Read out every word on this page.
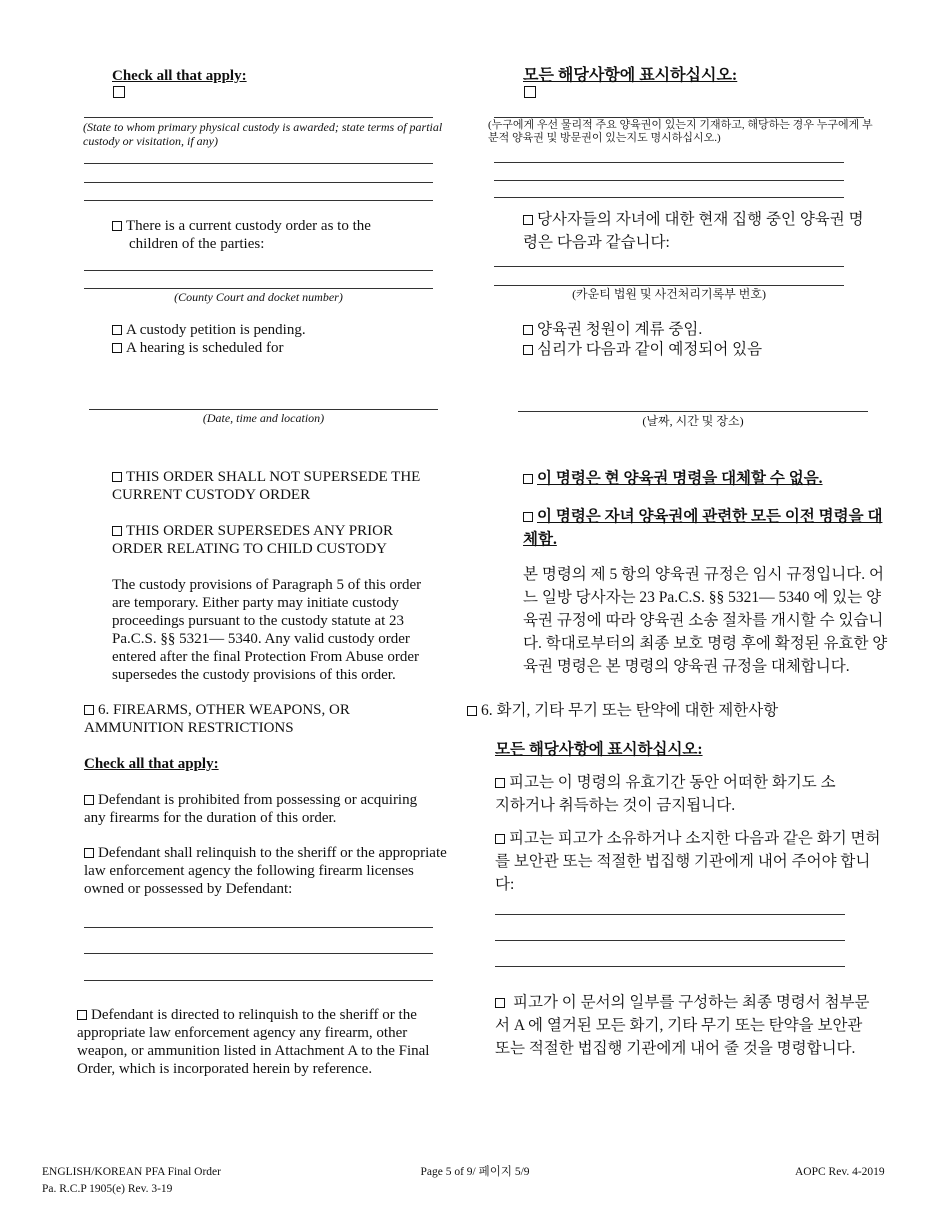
Check all that apply:
(State to whom primary physical custody is awarded; state terms of partial custody or visitation, if any)
There is a current custody order as to the
children of the parties:
(County Court and docket number)
A custody petition is pending.
A hearing is scheduled for
(Date, time and location)
THIS ORDER SHALL NOT SUPERSEDE THE CURRENT CUSTODY ORDER
THIS ORDER SUPERSEDES ANY PRIOR ORDER RELATING TO CHILD CUSTODY
The custody provisions of Paragraph 5 of this order are temporary. Either party may initiate custody proceedings pursuant to the custody statute at 23 Pa.C.S. §§ 5321— 5340. Any valid custody order entered after the final Protection From Abuse order supersedes the custody provisions of this order.
6. FIREARMS, OTHER WEAPONS, OR AMMUNITION RESTRICTIONS
Check all that apply:
Defendant is prohibited from possessing or acquiring any firearms for the duration of this order.
Defendant shall relinquish to the sheriff or the appropriate law enforcement agency the following firearm licenses owned or possessed by Defendant:
Defendant is directed to relinquish to the sheriff or the appropriate law enforcement agency any firearm, other weapon, or ammunition listed in Attachment A to the Final Order, which is incorporated herein by reference.
모든 해당사항에 표시하십시오:
(누구에게 우선 물리적 주요 양육권이 있는지 기재하고, 해당하는 경우 누구에게 부분적 양육권 및 방문권이 있는지도 명시하십시오.)
당사자들의 자녀에 대한 현재 집행 중인 양육권 명령은 다음과 같습니다:
(카운티 법원 및 사건처리기록부 번호)
양육권 청원이 계류 중임.
심리가 다음과 같이 예정되어 있음
(날짜, 시간 및 장소)
이 명령은 현 양육권 명령을 대체할 수 없음.
이 명령은 자녀 양육권에 관련한 모든 이전 명령을 대체함.
본 명령의 제 5 항의 양육권 규정은 임시 규정입니다. 어느 일방 당사자는 23 Pa.C.S. §§ 5321— 5340 에 있는 양육권 규정에 따라 양육권 소송 절차를 개시할 수 있습니다. 학대로부터의 최종 보호 명령 후에 확정된 유효한 양육권 명령은 본 명령의 양육권 규정을 대체합니다.
6. 화기, 기타 무기 또는 탄약에 대한 제한사항
모든 해당사항에 표시하십시오:
피고는 이 명령의 유효기간 동안 어떠한 화기도 소지하거나 취득하는 것이 금지됩니다.
피고는 피고가 소유하거나 소지한 다음과 같은 화기 면허를 보안관 또는 적절한 법집행 기관에게 내어 주어야 합니다:
피고가 이 문서의 일부를 구성하는 최종 명령서 첨부문서 A 에 열거된 모든 화기, 기타 무기 또는 탄약을 보안관 또는 적절한 법집행 기관에게 내어 줄 것을 명령합니다.
ENGLISH/KOREAN PFA Final Order
Pa. R.C.P 1905(e) Rev. 3-19
Page 5 of 9/ 페이지 5/9	AOPC Rev. 4-2019
